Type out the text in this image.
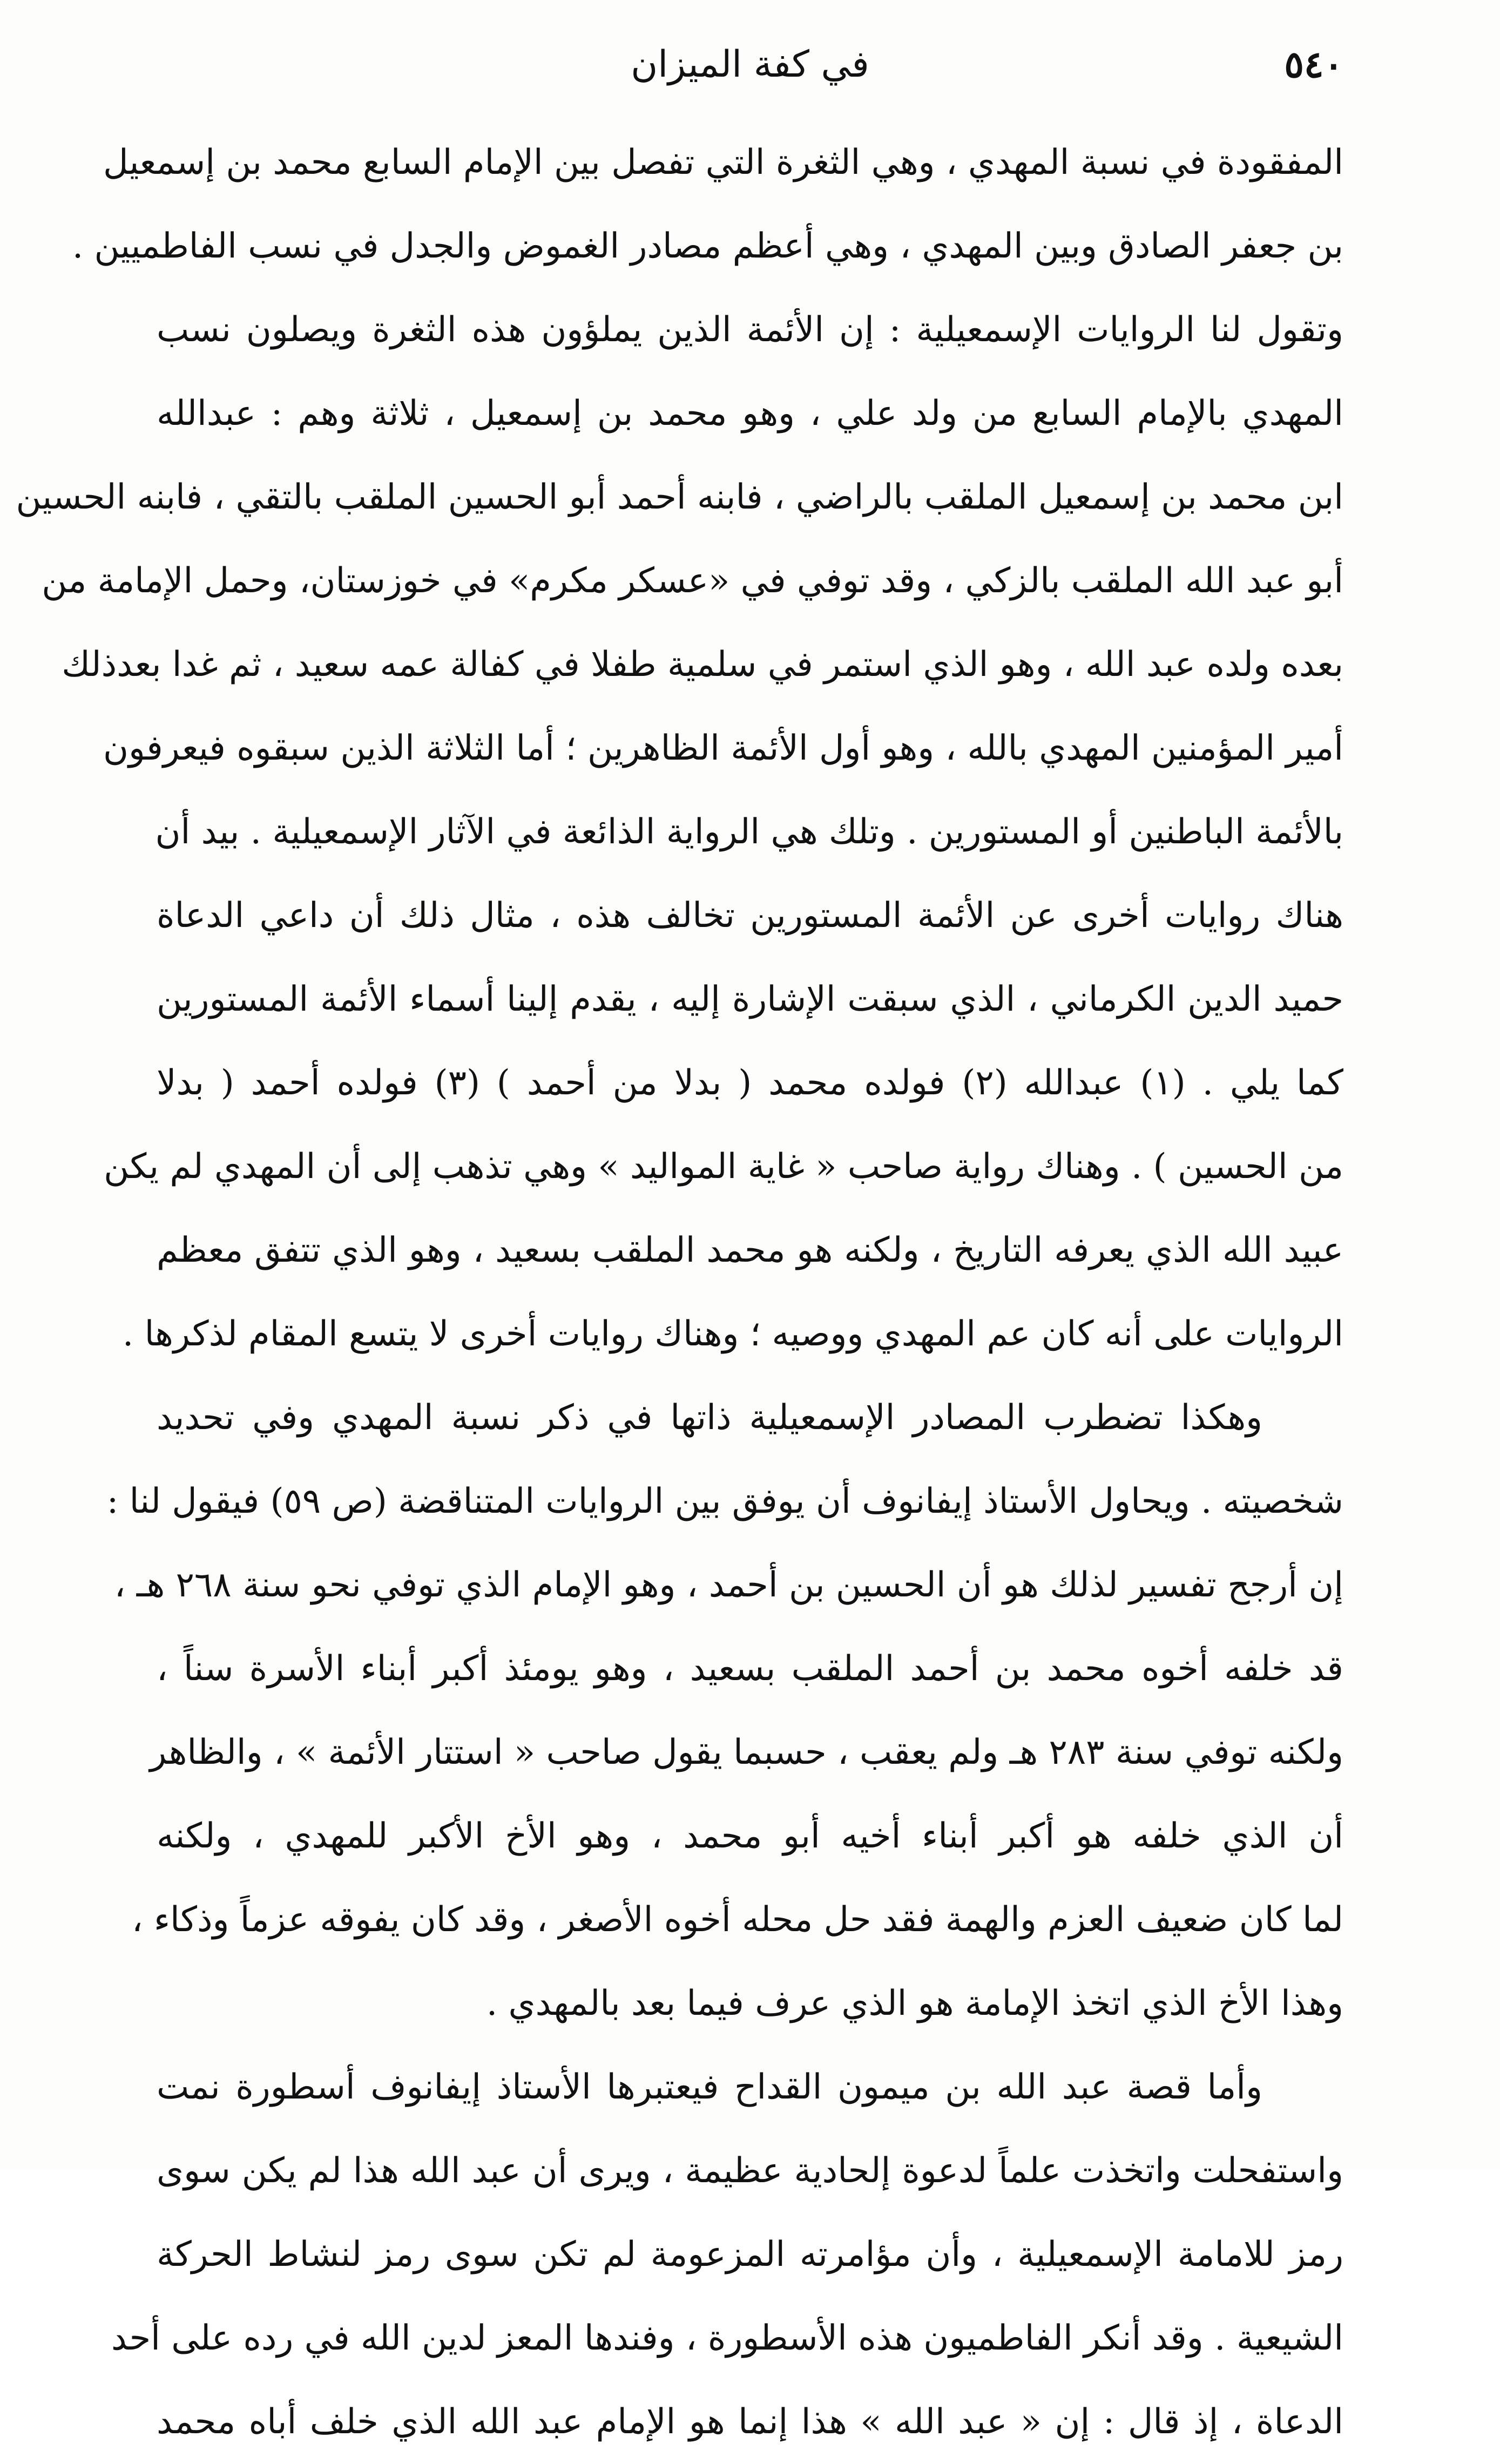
٥٤٠
في كفة الميزان
المفقودة في نسبة المهدي ، وهي الثغرة التي تفصل بين الإمام السابع محمد بن إسمعيل
بن جعفر الصادق وبين المهدي ، وهي أعظم مصادر الغموض والجدل في نسب الفاطميين .
وتقول لنا الروايات الإسمعيلية : إن الأئمة الذين يملؤون هذه الثغرة ويصلون نسب
المهدي بالإمام السابع من ولد علي ، وهو محمد بن إسمعيل ، ثلاثة وهم : عبدالله
ابن محمد بن إسمعيل الملقب بالراضي ، فابنه أحمد أبو الحسين الملقب بالتقي ، فابنه الحسين
أبو عبد الله الملقب بالزكي ، وقد توفي في «عسكر مكرم» في خوزستان، وحمل الإمامة من
بعده ولده عبد الله ، وهو الذي استمر في سلمية طفلا في كفالة عمه سعيد ، ثم غدا بعدذلك
أمير المؤمنين المهدي بالله ، وهو أول الأئمة الظاهرين ؛ أما الثلاثة الذين سبقوه فيعرفون
بالأئمة الباطنين أو المستورين . وتلك هي الرواية الذائعة في الآثار الإسمعيلية . بيد أن
هناك روايات أخرى عن الأئمة المستورين تخالف هذه ، مثال ذلك أن داعي الدعاة
حميد الدين الكرماني ، الذي سبقت الإشارة إليه ، يقدم إلينا أسماء الأئمة المستورين
كما يلي . (١) عبدالله (٢) فولده محمد ( بدلا من أحمد ) (٣) فولده أحمد ( بدلا
من الحسين ) . وهناك رواية صاحب « غاية المواليد » وهي تذهب إلى أن المهدي لم يكن
عبيد الله الذي يعرفه التاريخ ، ولكنه هو محمد الملقب بسعيد ، وهو الذي تتفق معظم
الروايات على أنه كان عم المهدي ووصيه ؛ وهناك روايات أخرى لا يتسع المقام لذكرها .
وهكذا تضطرب المصادر الإسمعيلية ذاتها في ذكر نسبة المهدي وفي تحديد
شخصيته . ويحاول الأستاذ إيفانوف أن يوفق بين الروايات المتناقضة (ص ٥٩) فيقول لنا :
إن أرجح تفسير لذلك هو أن الحسين بن أحمد ، وهو الإمام الذي توفي نحو سنة ٢٦٨ هـ ،
قد خلفه أخوه محمد بن أحمد الملقب بسعيد ، وهو يومئذ أكبر أبناء الأسرة سناً ،
ولكنه توفي سنة ٢٨٣ هـ ولم يعقب ، حسبما يقول صاحب « استتار الأئمة » ، والظاهر
أن الذي خلفه هو أكبر أبناء أخيه أبو محمد ، وهو الأخ الأكبر للمهدي ، ولكنه
لما كان ضعيف العزم والهمة فقد حل محله أخوه الأصغر ، وقد كان يفوقه عزماً وذكاء ،
وهذا الأخ الذي اتخذ الإمامة هو الذي عرف فيما بعد بالمهدي .
وأما قصة عبد الله بن ميمون القداح فيعتبرها الأستاذ إيفانوف أسطورة نمت
واستفحلت واتخذت علماً لدعوة إلحادية عظيمة ، ويرى أن عبد الله هذا لم يكن سوى
رمز للامامة الإسمعيلية ، وأن مؤامرته المزعومة لم تكن سوى رمز لنشاط الحركة
الشيعية . وقد أنكر الفاطميون هذه الأسطورة ، وفندها المعز لدين الله في رده على أحد
الدعاة ، إذ قال : إن « عبد الله » هذا إنما هو الإمام عبد الله الذي خلف أباه محمد
